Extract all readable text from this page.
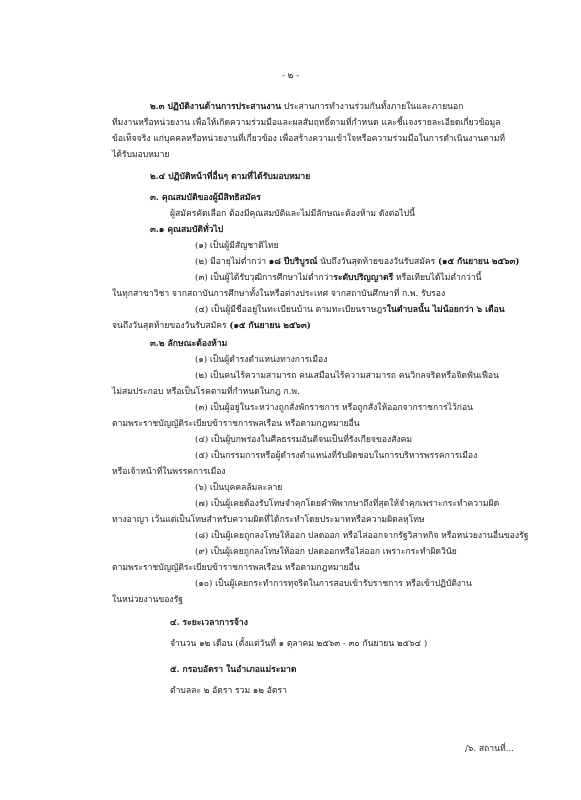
- ๒ -
๒.๓ ปฏิบัติงานด้านการประสานงาน ประสานการทำงานร่วมกันทั้งภายในและภายนอก
ทีมงานหรือหน่วยงาน เพื่อให้เกิดความร่วมมือและผลสัมฤทธิ์ตามที่กำหนด และชี้แจงรายละเอียดเกี่ยวข้อมูล
ข้อเท็จจริง แก่บุคคลหรือหน่วยงานที่เกี่ยวข้อง เพื่อสร้างความเข้าใจหรือความร่วมมือในการดำเนินงานตามที่
ได้รับมอบหมาย
๒.๔ ปฏิบัติหน้าที่อื่นๆ ตามที่ได้รับมอบหมาย
๓. คุณสมบัติของผู้มีสิทธิสมัคร
ผู้สมัครคัดเลือก ต้องมีคุณสมบัติและไม่มีลักษณะต้องห้าม ดังต่อไปนี้
๓.๑ คุณสมบัติทั่วไป
(๑) เป็นผู้มีสัญชาติไทย
(๒) มีอายุไม่ต่ำกว่า ๑๘ ปีบริบูรณ์ นับถึงวันสุดท้ายของวันรับสมัคร (๑๕ กันยายน ๒๕๖๓)
(๓) เป็นผู้ได้รับวุฒิการศึกษาไม่ต่ำกว่าระดับปริญญาตรี หรือเทียบได้ไม่ต่ำกว่านี้
ในทุกสาขาวิชา จากสถาบันการศึกษาทั้งในหรือต่างประเทศ จากสถาบันศึกษาที่ ก.พ. รับรอง
(๔) เป็นผู้มีชื่ออยู่ในทะเบียนบ้าน ตามทะเบียนราษฎรในตำบลนั้น ไม่น้อยกว่า ๖ เดือน
จนถึงวันสุดท้ายของวันรับสมัคร (๑๕ กันยายน ๒๕๖๓)
๓.๒ ลักษณะต้องห้าม
(๑) เป็นผู้ดำรงตำแหน่งทางการเมือง
(๒) เป็นคนไร้ความสามารถ คนเสมือนไร้ความสามารถ คนวิกลจริตหรือจิตฟั่นเฟือน
ไม่สมประกอบ หรือเป็นโรคตามที่กำหนดในกฎ ก.พ.
(๓) เป็นผู้อยู่ในระหว่างถูกสั่งพักราชการ หรือถูกสั่งให้ออกจากราชการไว้ก่อน
ตามพระราชบัญญัติระเบียบข้าราชการพลเรือน หรือตามกฎหมายอื่น
(๔) เป็นผู้บกพร่องในศีลธรรมอันดีจนเป็นที่รังเกียจของสังคม
(๕) เป็นกรรมการหรือผู้ดำรงตำแหน่งที่รับผิดชอบในการบริหารพรรคการเมือง
หรือเจ้าหน้าที่ในพรรคการเมือง
(๖) เป็นบุคคลล้มละลาย
(๗) เป็นผู้เคยต้องรับโทษจำคุกโดยคำพิพากษาถึงที่สุดให้จำคุกเพราะกระทำความผิด
ทางอาญา เว้นแต่เป็นโทษสำหรับความผิดที่ได้กระทำโดยประมาทหรือความผิดลหุโทษ
(๘) เป็นผู้เคยถูกลงโทษให้ออก ปลดออก หรือไล่ออกจากรัฐวิสาหกิจ หรือหน่วยงานอื่นของรัฐ
(๙) เป็นผู้เคยถูกลงโทษให้ออก ปลดออกหรือไล่ออก เพราะกระทำผิดวินัย
ตามพระราชบัญญัติระเบียบข้าราชการพลเรือน หรือตามกฎหมายอื่น
(๑๐) เป็นผู้เคยกระทำการทุจริตในการสอบเข้ารับราชการ หรือเข้าปฏิบัติงาน
ในหน่วยงานของรัฐ
๔. ระยะเวลาการจ้าง
จำนวน ๑๒ เดือน (ตั้งแต่วันที่ ๑ ตุลาคม ๒๕๖๓ - ๓๐ กันยายน ๒๕๖๔ )
๕. กรอบอัตรา ในอำเภอแม่ระมาด
ตำบลละ ๒ อัตรา รวม ๑๒ อัตรา
/๖. สถานที่...
